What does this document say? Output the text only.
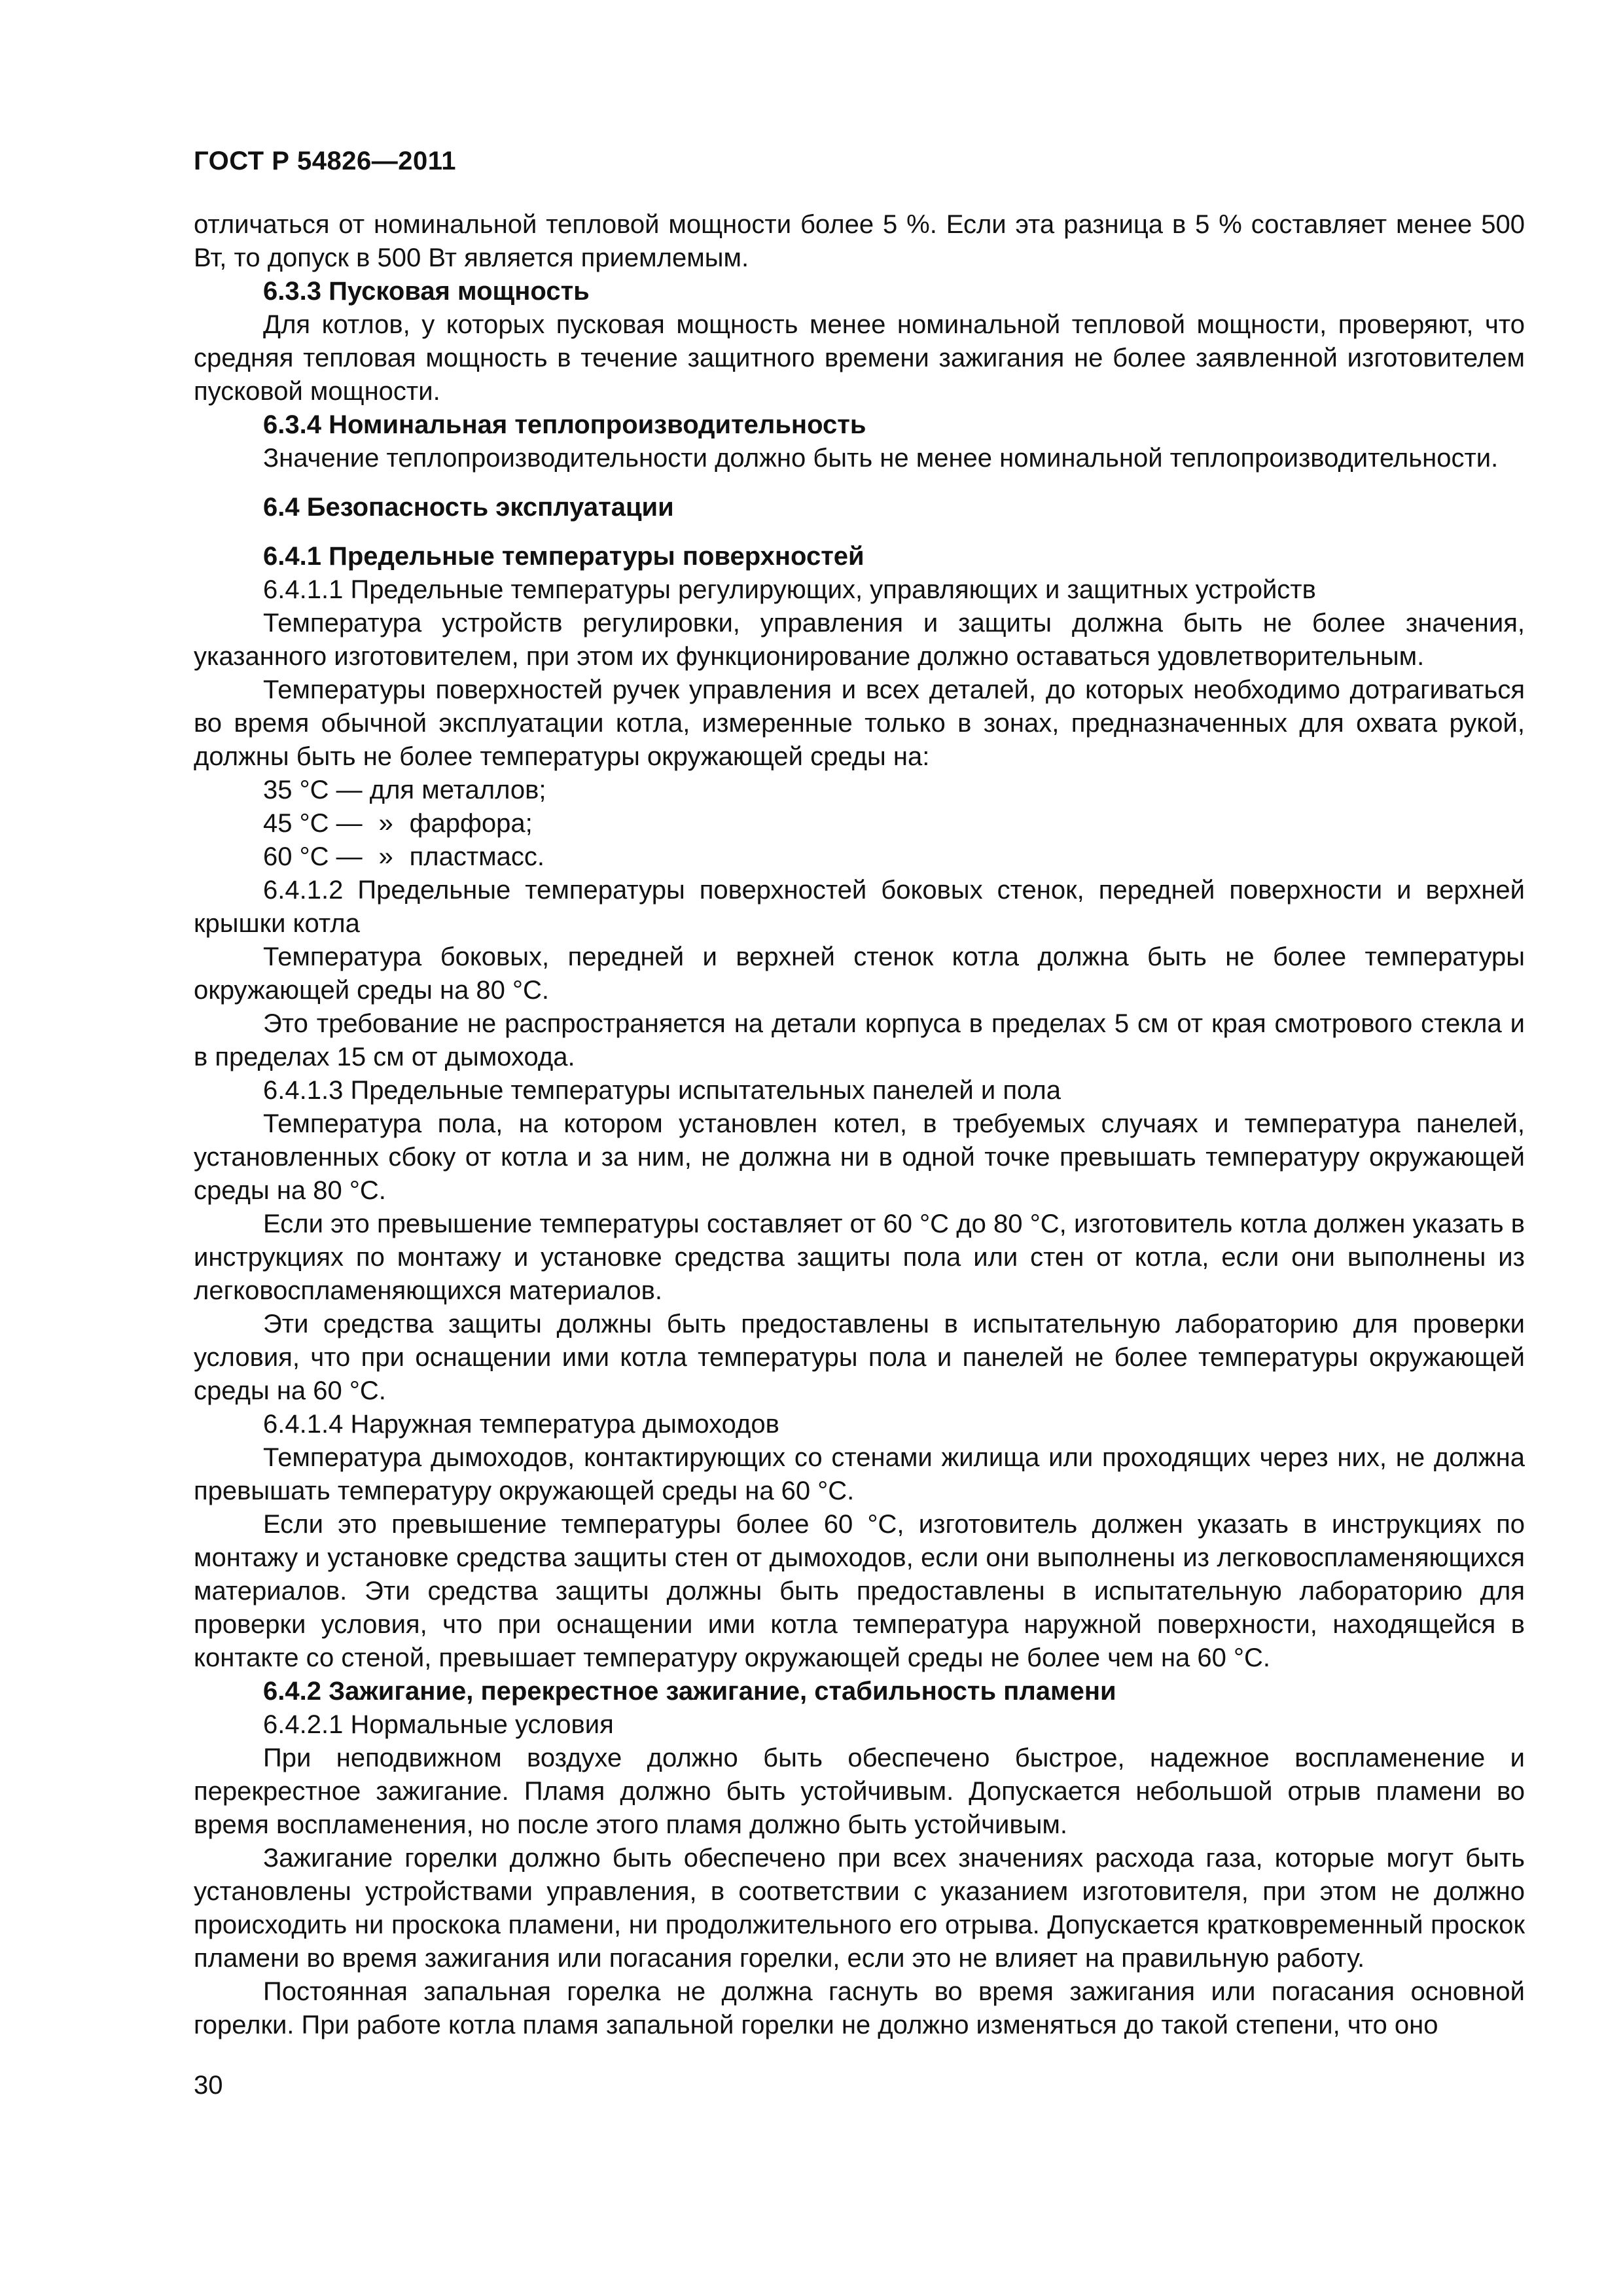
ГОСТ Р 54826—2011

отличаться от номинальной тепловой мощности более 5 %. Если эта разница в 5 % составляет менее 500 Вт, то допуск в 500 Вт является приемлемым.

6.3.3 Пусковая мощность

Для котлов, у которых пусковая мощность менее номинальной тепловой мощности, проверяют, что средняя тепловая мощность в течение защитного времени зажигания не более заявленной изготовителем пусковой мощности.

6.3.4 Номинальная теплопроизводительность

Значение теплопроизводительности должно быть не менее номинальной теплопроизводительности.

6.4 Безопасность эксплуатации

6.4.1 Предельные температуры поверхностей

6.4.1.1 Предельные температуры регулирующих, управляющих и защитных устройств

Температура устройств регулировки, управления и защиты должна быть не более значения, указанного изготовителем, при этом их функционирование должно оставаться удовлетворительным.

Температуры поверхностей ручек управления и всех деталей, до которых необходимо дотрагиваться во время обычной эксплуатации котла, измеренные только в зонах, предназначенных для охвата рукой, должны быть не более температуры окружающей среды на:

35 °C —
для металлов;
45 °C — » фарфора;
60 °C — » пластмасс.

6.4.1.2 Предельные температуры поверхностей боковых стенок, передней поверхности и верхней крышки котла

Температура боковых, передней и верхней стенок котла должна быть не более температуры окружающей среды на 80 °C.

Это требование не распространяется на детали корпуса в пределах 5 см от края смотрового стекла и в пределах 15 см от дымохода.

6.4.1.3 Предельные температуры испытательных панелей и пола

Температура пола, на котором установлен котел, в требуемых случаях и температура панелей, установленных сбоку от котла и за ним, не должна ни в одной точке превышать температуру окружающей среды на 80 °C.

Если это превышение температуры составляет от 60 °C до 80 °C, изготовитель котла должен указать в инструкциях по монтажу и установке средства защиты пола или стен от котла, если они выполнены из легковоспламеняющихся материалов.

Эти средства защиты должны быть предоставлены в испытательную лабораторию для проверки условия, что при оснащении ими котла температуры пола и панелей не более температуры окружающей среды на 60 °C.

6.4.1.4 Наружная температура дымоходов

Температура дымоходов, контактирующих со стенами жилища или проходящих через них, не должна превышать температуру окружающей среды на 60 °C.

Если это превышение температуры более 60 °C, изготовитель должен указать в инструкциях по монтажу и установке средства защиты стен от дымоходов, если они выполнены из легковоспламеняющихся материалов. Эти средства защиты должны быть предоставлены в испытательную лабораторию для проверки условия, что при оснащении ими котла температура наружной поверхности, находящейся в контакте со стеной, превышает температуру окружающей среды не более чем на 60 °C.

6.4.2 Зажигание, перекрестное зажигание, стабильность пламени

6.4.2.1 Нормальные условия

При неподвижном воздухе должно быть обеспечено быстрое, надежное воспламенение и перекрестное зажигание. Пламя должно быть устойчивым. Допускается небольшой отрыв пламени во время воспламенения, но после этого пламя должно быть устойчивым.

Зажигание горелки должно быть обеспечено при всех значениях расхода газа, которые могут быть установлены устройствами управления, в соответствии с указанием изготовителя, при этом не должно происходить ни проскока пламени, ни продолжительного его отрыва. Допускается кратковременный проскок пламени во время зажигания или погасания горелки, если это не влияет на правильную работу.

Постоянная запальная горелка не должна гаснуть во время зажигания или погасания основной горелки. При работе котла пламя запальной горелки не должно изменяться до такой степени, что оно

30
